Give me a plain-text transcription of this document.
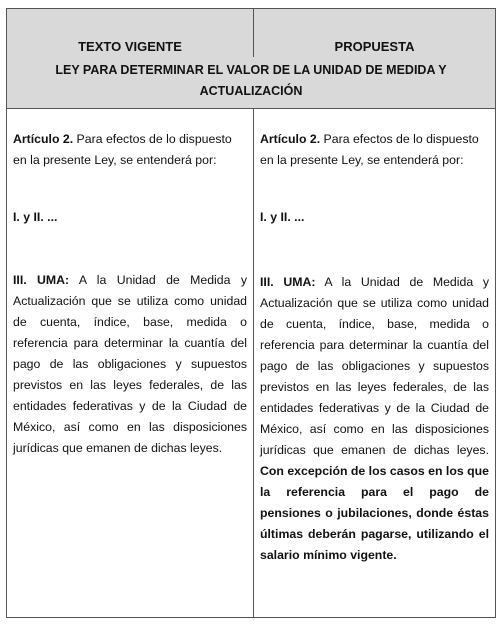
TEXTO VIGENTE	PROPUESTA
LEY PARA DETERMINAR EL VALOR DE LA UNIDAD DE MEDIDA Y ACTUALIZACIÓN
Artículo 2. Para efectos de lo dispuesto en la presente Ley, se entenderá por:
I. y II. ...
III. UMA: A la Unidad de Medida y Actualización que se utiliza como unidad de cuenta, índice, base, medida o referencia para determinar la cuantía del pago de las obligaciones y supuestos previstos en las leyes federales, de las entidades federativas y de la Ciudad de México, así como en las disposiciones jurídicas que emanen de dichas leyes.
Artículo 2. Para efectos de lo dispuesto en la presente Ley, se entenderá por:
I. y II. ...
III. UMA: A la Unidad de Medida y Actualización que se utiliza como unidad de cuenta, índice, base, medida o referencia para determinar la cuantía del pago de las obligaciones y supuestos previstos en las leyes federales, de las entidades federativas y de la Ciudad de México, así como en las disposiciones jurídicas que emanen de dichas leyes. Con excepción de los casos en los que la referencia para el pago de pensiones o jubilaciones, donde éstas últimas deberán pagarse, utilizando el salario mínimo vigente.
